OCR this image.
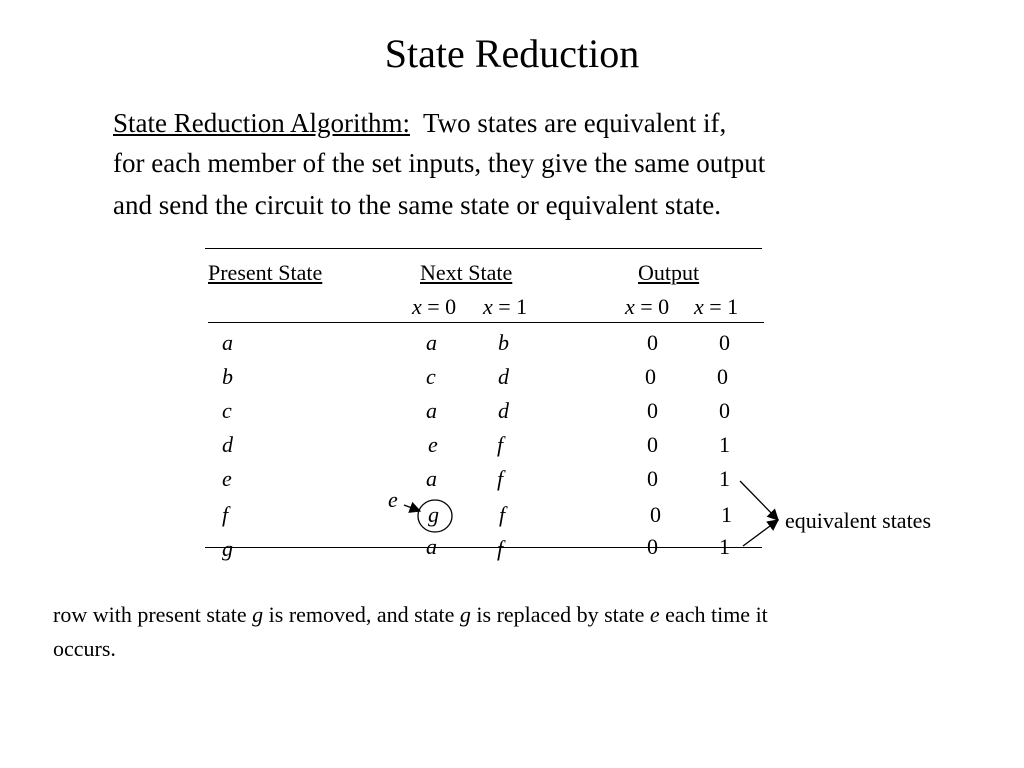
State Reduction
State Reduction Algorithm: Two states are equivalent if,
for each member of the set inputs, they give the same output
and send the circuit to the same state or equivalent state.
Present State	Next State	Output
x = 0 x = 1	x = 0 x = 1
a	a	b	0	0
b	c	d	0	0
c	a	d	0	0
d	e	f	0	1
e	a	f	0	1
f	g	f	0	1
g	a	f	0	1
e
equivalent states
row with present state g is removed, and state g is replaced by state e each time it
occurs.
